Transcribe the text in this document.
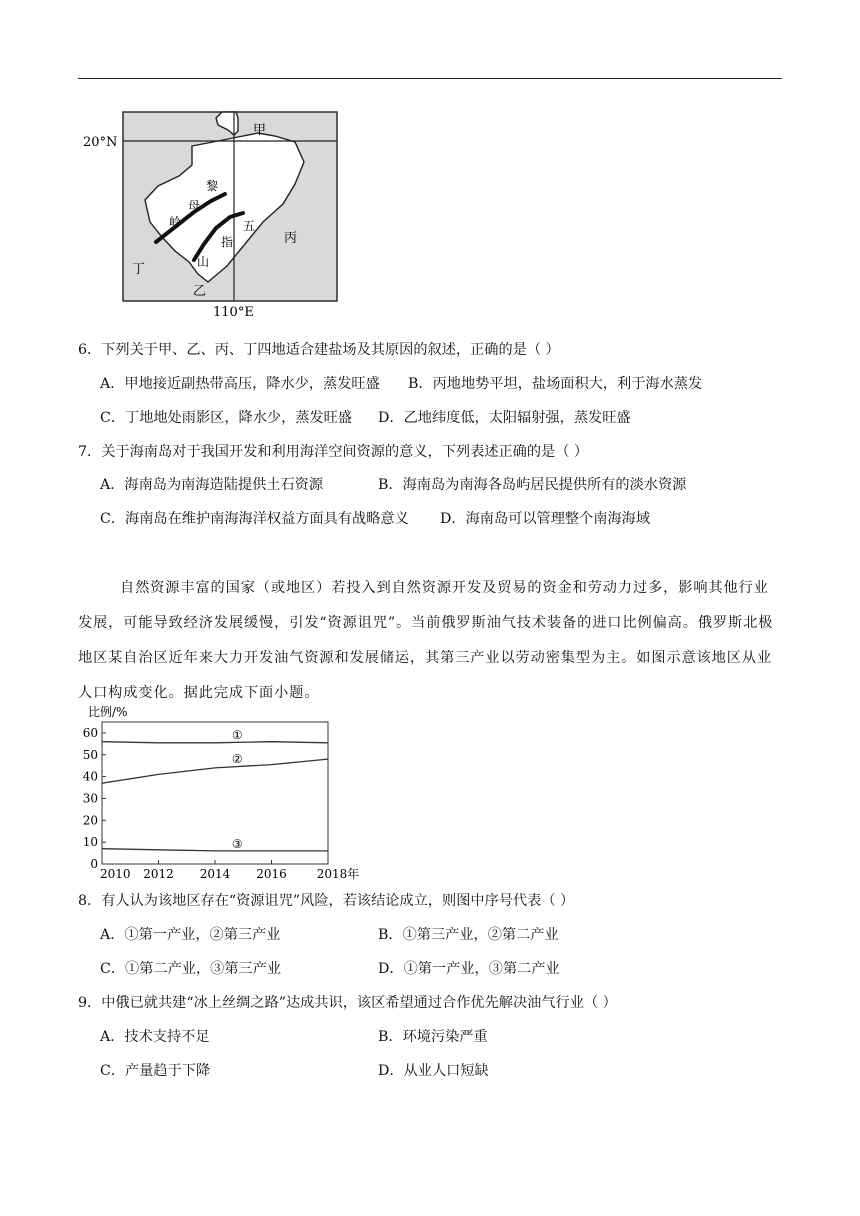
20°N
110°E
甲
丙
丁
乙
黎
母
岭	五
指
山
6．下列关于甲、乙、丙、丁四地适合建盐场及其原因的叙述，正确的是（ ）
A．甲地接近副热带高压，降水少，蒸发旺盛 B．丙地地势平坦，盐场面积大，利于海水蒸发
C．丁地地处雨影区，降水少，蒸发旺盛 D．乙地纬度低，太阳辐射强，蒸发旺盛
7．关于海南岛对于我国开发和利用海洋空间资源的意义，下列表述正确的是（ ）
A．海南岛为南海造陆提供土石资源	B．海南岛为南海各岛屿居民提供所有的淡水资源
C．海南岛在维护南海海洋权益方面具有战略意义 D．海南岛可以管理整个南海海域
自然资源丰富的国家（或地区）若投入到自然资源开发及贸易的资金和劳动力过多，影响其他行业发展，可能导致经济发展缓慢，引发“资源诅咒”。当前俄罗斯油气技术装备的进口比例偏高。俄罗斯北极地区某自治区近年来大力开发油气资源和发展储运，其第三产业以劳动密集型为主。如图示意该地区从业人口构成变化。据此完成下面小题。
比例/%
60
50
40
30
20
10
0
2010 2012 2014 2016 2018年
①
②
③
8．有人认为该地区存在“资源诅咒”风险，若该结论成立，则图中序号代表（ ）
A．①第一产业，②第三产业	B．①第三产业，②第二产业
C．①第二产业，③第三产业	D．①第一产业，③第二产业
9．中俄已就共建“冰上丝绸之路”达成共识，该区希望通过合作优先解决油气行业（ ）
A．技术支持不足	B．环境污染严重
C．产量趋于下降	D．从业人口短缺
